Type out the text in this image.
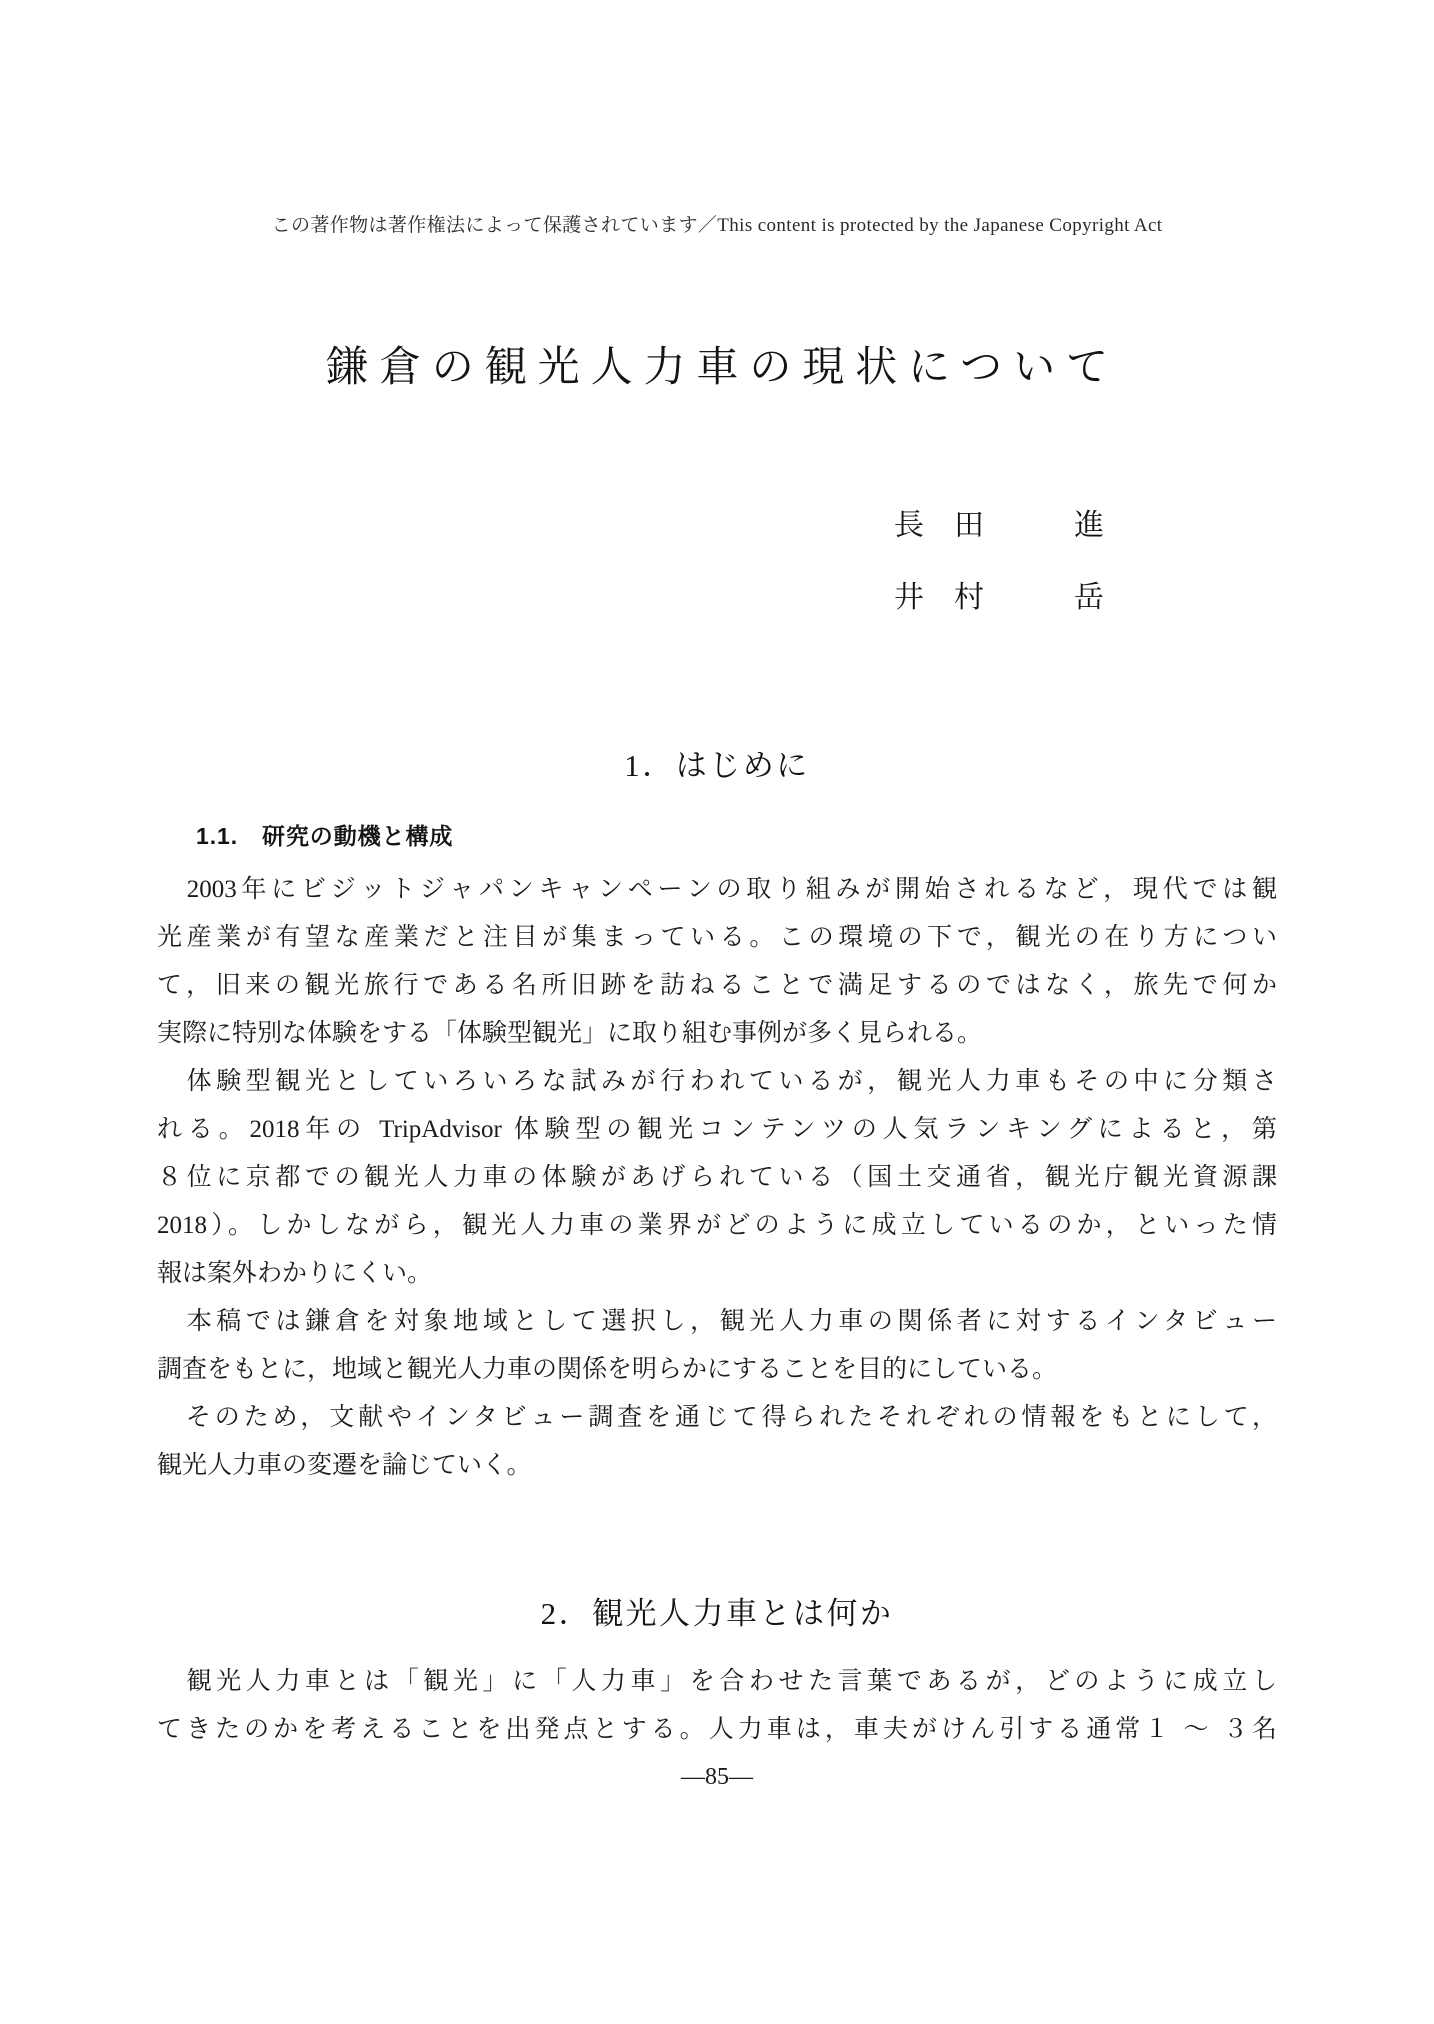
この著作物は著作権法によって保護されています／This content is protected by the Japanese Copyright Act
鎌倉の観光人力車の現状について
長　田　　　進
井　村　　　岳
1．はじめに
1.1.　研究の動機と構成
　2003年にビジットジャパンキャンペーンの取り組みが開始されるなど，現代では観
光産業が有望な産業だと注目が集まっている。この環境の下で，観光の在り方につい
て，旧来の観光旅行である名所旧跡を訪ねることで満足するのではなく，旅先で何か
実際に特別な体験をする「体験型観光」に取り組む事例が多く見られる。
　体験型観光としていろいろな試みが行われているが，観光人力車もその中に分類さ
れる。2018年の TripAdvisor 体験型の観光コンテンツの人気ランキングによると，第
８位に京都での観光人力車の体験があげられている（国土交通省，観光庁観光資源課
2018）。しかしながら，観光人力車の業界がどのように成立しているのか，といった情
報は案外わかりにくい。
　本稿では鎌倉を対象地域として選択し，観光人力車の関係者に対するインタビュー
調査をもとに，地域と観光人力車の関係を明らかにすることを目的にしている。
　そのため，文献やインタビュー調査を通じて得られたそれぞれの情報をもとにして，
観光人力車の変遷を論じていく。
2．観光人力車とは何か
　観光人力車とは「観光」に「人力車」を合わせた言葉であるが，どのように成立し
てきたのかを考えることを出発点とする。人力車は，車夫がけん引する通常１ ～ ３名
—85—
